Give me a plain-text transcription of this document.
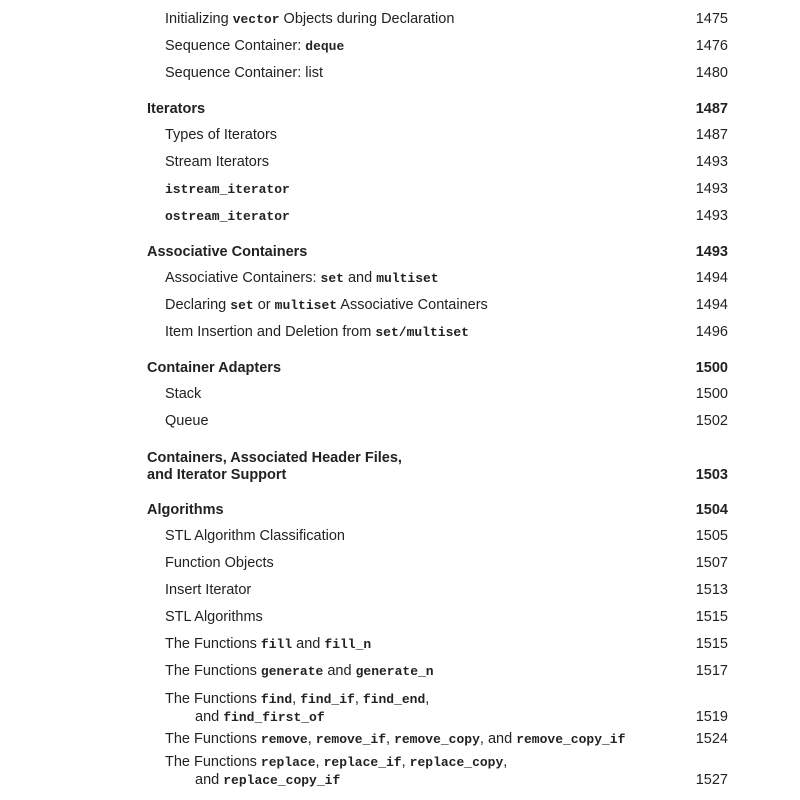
Initializing vector Objects during Declaration	1475
Sequence Container: deque	1476
Sequence Container: list	1480
Iterators	1487
Types of Iterators	1487
Stream Iterators	1493
istream_iterator	1493
ostream_iterator	1493
Associative Containers	1493
Associative Containers: set and multiset	1494
Declaring set or multiset Associative Containers	1494
Item Insertion and Deletion from set/multiset	1496
Container Adapters	1500
Stack	1500
Queue	1502
Containers, Associated Header Files,
and Iterator Support	1503
Algorithms	1504
STL Algorithm Classification	1505
Function Objects	1507
Insert Iterator	1513
STL Algorithms	1515
The Functions fill and fill_n	1515
The Functions generate and generate_n	1517
The Functions find, find_if, find_end,
and find_first_of	1519
The Functions remove, remove_if, remove_copy, and remove_copy_if	1524
The Functions replace, replace_if, replace_copy,
and replace_copy_if	1527
